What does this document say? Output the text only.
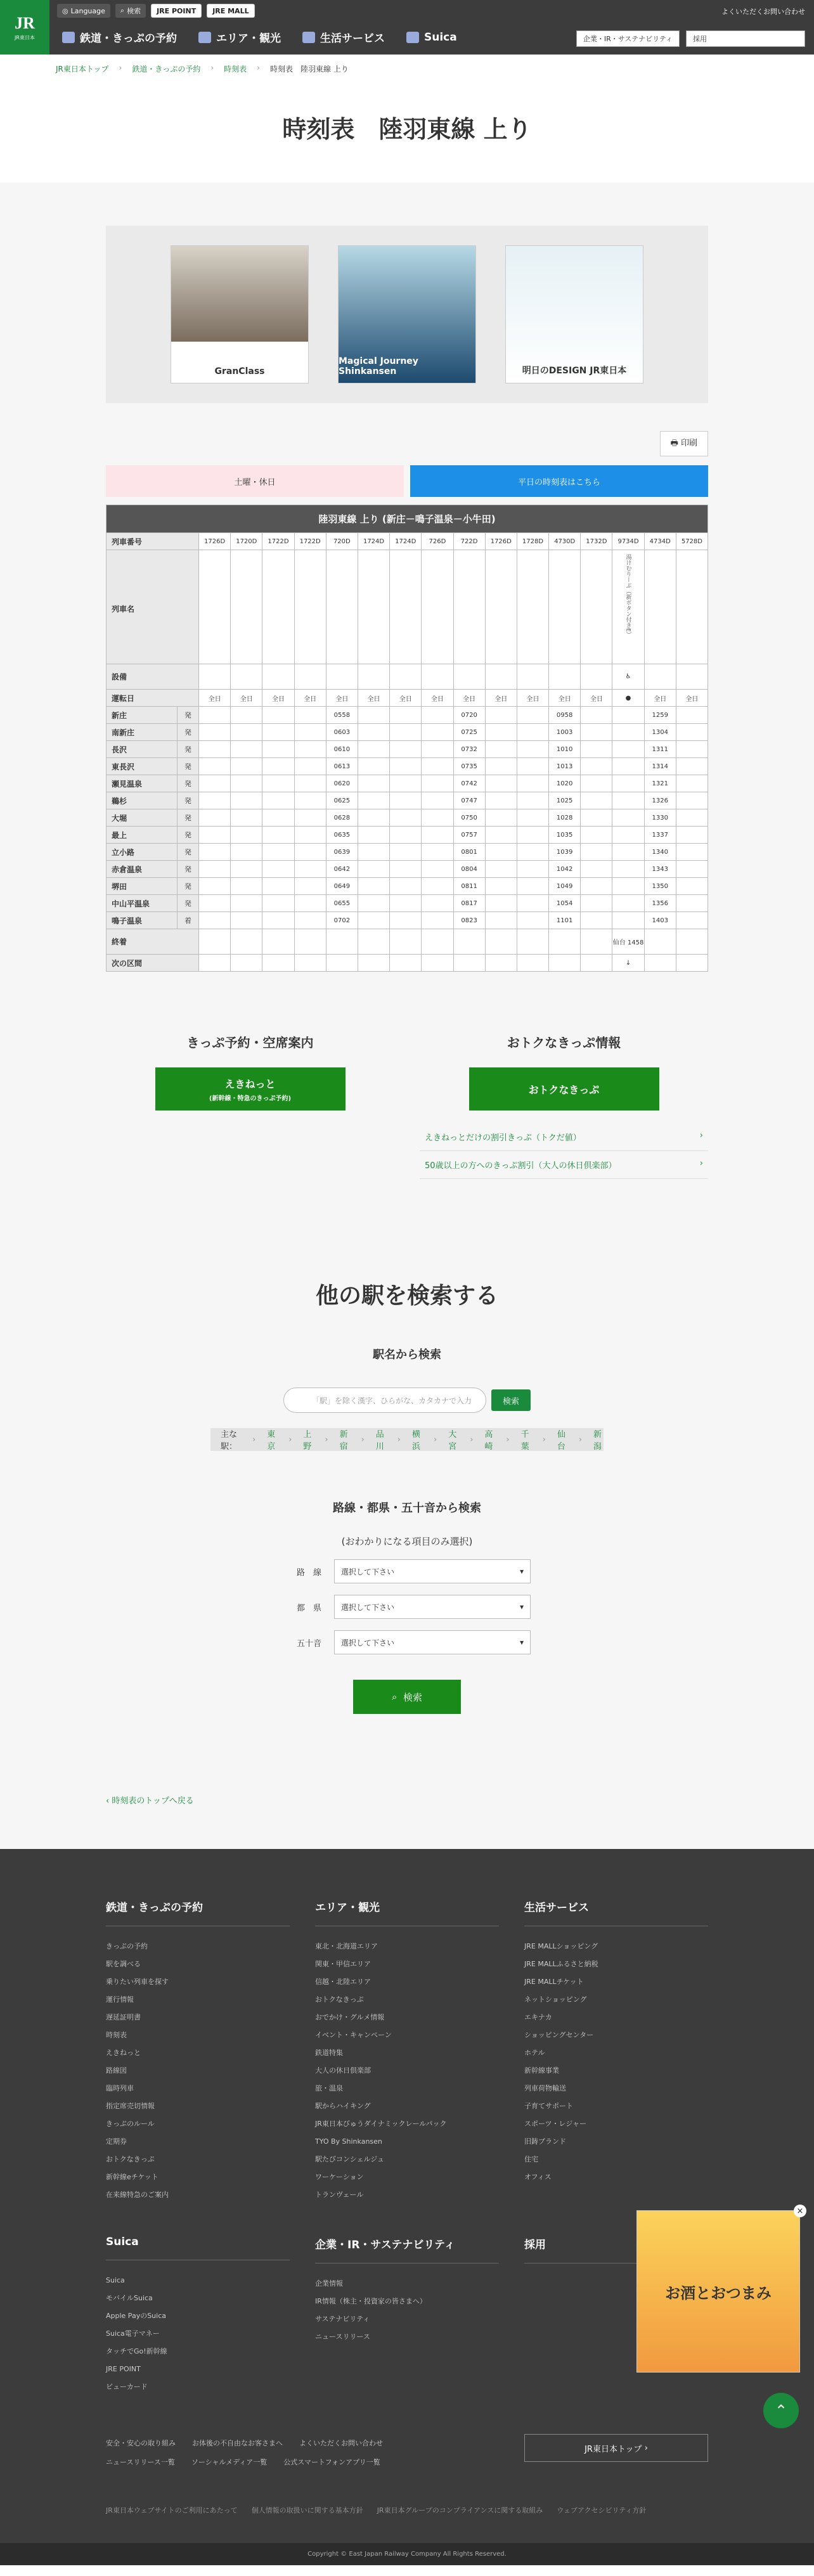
JR
JR東日本
◎ Language ⌕ 検索	JRE POINT	JRE MALL	よくいただくお問い合わせ
鉄道・きっぷの予約	エリア・観光	生活サービス	Suica	企業・IR・サステナビリティ	採用
JR東日本トップ › 鉄道・きっぷの予約 › 時刻表 › 時刻表　陸羽東線 上り
時刻表　陸羽東線 上り
GranClass
Magical Journey Shinkansen	明日のDESIGN JR東日本
🖶 印刷
土曜・休日	平日の時刻表はこちら
陸羽東線 上り (新庄－鳴子温泉－小牛田)																	
列車番号		1726D	1720D	1722D	1722D	720D	1724D	1724D	726D	722D	1726D	1728D	4730D	1732D	9734D	4734D	5728D
列車名															湯けむりーぶ（新ボタン付きE）		
設備															♿		
運転日		全日	全日	全日	全日	全日	全日	全日	全日	全日	全日	全日	全日	全日	●	全日	全日
新庄	発					0558				0720			0958			1259	
南新庄	発					0603				0725			1003			1304	
長沢	発					0610				0732			1010			1311	
東長沢	発					0613				0735			1013			1314	
瀬見温泉	発					0620				0742			1020			1321	
鵜杉	発					0625				0747			1025			1326	
大堀	発					0628				0750			1028			1330	
最上	発					0635				0757			1035			1337	
立小路	発					0639				0801			1039			1340	
赤倉温泉	発					0642				0804			1042			1343	
堺田	発					0649				0811			1049			1350	
中山平温泉	発					0655				0817			1054			1356	
鳴子温泉	着					0702				0823			1101			1403	
終着															仙台 1458		
次の区間															↓		
きっぷ予約・空席案内
えきねっと
(新幹線・特急のきっぷ予約)
おトクなきっぷ情報
おトクなきっぷ
えきねっとだけの割引きっぷ（トクだ値）	›
50歳以上の方へのきっぷ割引（大人の休日倶楽部）	›
他の駅を検索する
駅名から検索
「駅」を除く漢字、ひらがな、カタカナで入力	検索
主な駅：
› 東京
› 上野
› 新宿
› 品川
› 横浜
› 大宮
› 高崎
› 千葉
› 仙台
› 新潟
路線・都県・五十音から検索
(おわかりになる項目のみ選択)
路　線	選択して下さい	▾
都　県	選択して下さい	▾
五十音	選択して下さい	▾
⌕ 検索
‹ 時刻表のトップへ戻る
鉄道・きっぷの予約
きっぷの予約
駅を調べる
乗りたい列車を探す
運行情報
遅延証明書
時刻表
えきねっと
路線図
臨時列車
指定席売切情報
きっぷのルール
定期券
おトクなきっぷ
新幹線eチケット
在来線特急のご案内
エリア・観光
東北・北海道エリア
関東・甲信エリア
信越・北陸エリア
おトクなきっぷ
おでかけ・グルメ情報
イベント・キャンペーン
鉄道特集
大人の休日倶楽部
旅・温泉
駅からハイキング
JR東日本びゅうダイナミックレールパック
TYO By Shinkansen
駅たびコンシェルジュ
ワーケーション
トランヴェール
生活サービス
JRE MALLショッピング
JRE MALLふるさと納税
JRE MALLチケット
ネットショッピング
エキナカ
ショッピングセンター
ホテル
新幹線事業
列車荷物輸送
子育てサポート
スポーツ・レジャー
旧鋳ブランド
住宅
オフィス
Suica
Suica
モバイルSuica
Apple PayのSuica
Suica電子マネー
タッチでGo!新幹線
JRE POINT
ビューカード
企業・IR・サステナビリティ
企業情報
IR情報（株主・投資家の皆さまへ）
サステナビリティ
ニュースリリース
採用
安全・安心の取り組み お体後の不自由なお客さまへ よくいただくお問い合わせ
ニュースリリース一覧 ソーシャルメディア一覧 公式スマートフォンアプリ一覧
JR東日本トップ ›
JR東日本ウェブサイトのご利用にあたって　　 個人情報の取扱いに関する基本方針　　 JR東日本グループのコンプライアンスに関する取組み　　 ウェブアクセシビリティ方針　　
Copyright © East Japan Railway Company All Rights Reserved.
お酒とおつまみ
×
⌃
